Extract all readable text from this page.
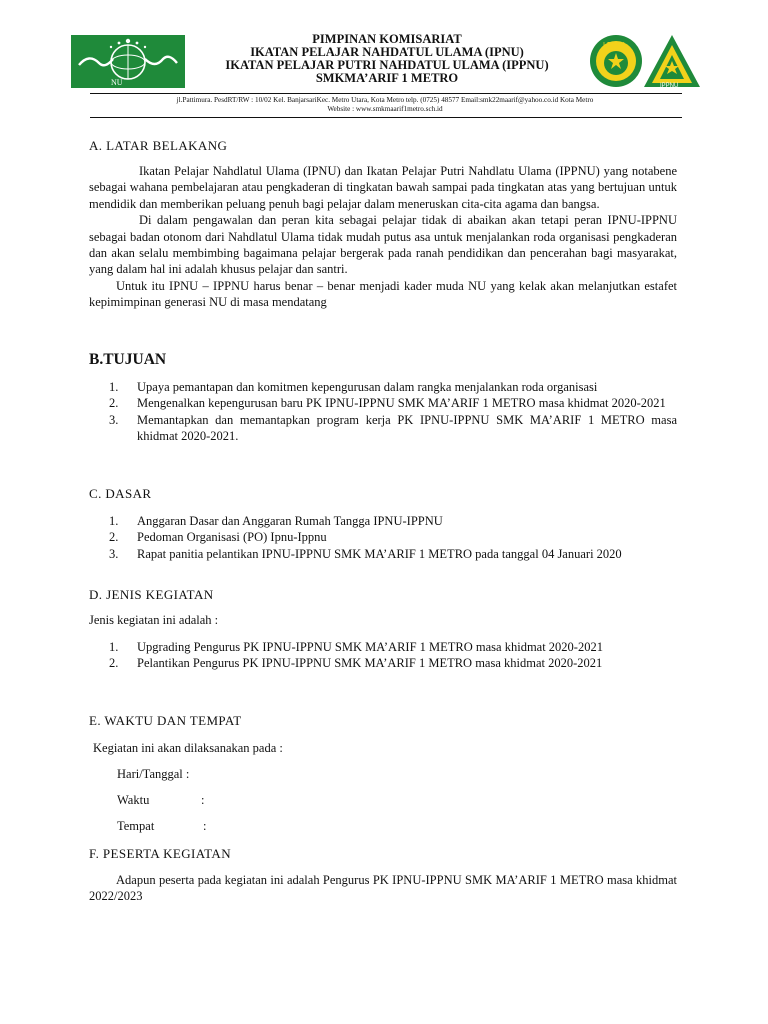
NU
I.P.N.U
IPPNU
PIMPINAN KOMISARIAT
IKATAN PELAJAR NAHDATUL ULAMA (IPNU)
IKATAN PELAJAR PUTRI NAHDATUL ULAMA (IPPNU)
SMKMA’ARIF 1 METRO
jl.Pattimura. PesdRT/RW : 10/02 Kel. BanjarsariKec. Metro Utara, Kota Metro telp. (0725) 48577 Email:smk22maarif@yahoo.co.id Kota Metro
Website : www.smkmaarif1metro.sch.id
A. LATAR BELAKANG

Ikatan Pelajar Nahdlatul Ulama (IPNU) dan Ikatan Pelajar Putri Nahdlatu Ulama (IPPNU) yang notabene sebagai wahana pembelajaran atau pengkaderan di tingkatan bawah sampai pada tingkatan atas yang bertujuan untuk mendidik dan memberikan peluang penuh bagi pelajar dalam meneruskan cita-cita agama dan bangsa.

Di dalam pengawalan dan peran kita sebagai pelajar tidak di abaikan akan tetapi peran IPNU-IPPNU sebagai badan otonom dari Nahdlatul Ulama tidak mudah putus asa untuk menjalankan roda organisasi pengkaderan dan akan selalu membimbing bagaimana pelajar bergerak pada ranah pendidikan dan pencerahan bagi masyarakat, yang dalam hal ini adalah khusus pelajar dan santri.

Untuk itu IPNU – IPPNU harus benar – benar menjadi kader muda NU yang kelak akan melanjutkan estafet kepimimpinan generasi NU di masa mendatang

B.TUJUAN
1. Upaya pemantapan dan komitmen kepengurusan dalam rangka menjalankan roda organisasi
2. Mengenalkan kepengurusan baru PK IPNU-IPPNU SMK MA’ARIF 1 METRO masa khidmat 2020-2021
3. Memantapkan dan memantapkan program kerja PK IPNU-IPPNU SMK MA’ARIF 1 METRO masa khidmat 2020-2021.
C. DASAR
1. Anggaran Dasar dan Anggaran Rumah Tangga IPNU-IPPNU
2. Pedoman Organisasi (PO) Ipnu-Ippnu
3. Rapat panitia pelantikan IPNU-IPPNU SMK MA’ARIF 1 METRO pada tanggal 04 Januari 2020
D. JENIS KEGIATAN
Jenis kegiatan ini adalah :
1. Upgrading Pengurus PK IPNU-IPPNU SMK MA’ARIF 1 METRO masa khidmat 2020-2021
2. Pelantikan Pengurus PK IPNU-IPPNU SMK MA’ARIF 1 METRO masa khidmat 2020-2021
E. WAKTU DAN TEMPAT
Kegiatan ini akan dilaksanakan pada :
Hari/Tanggal :
Waktu	:
Tempat	:
F. PESERTA KEGIATAN

Adapun peserta pada kegiatan ini adalah Pengurus PK IPNU-IPPNU SMK MA’ARIF 1 METRO masa khidmat 2022/2023
